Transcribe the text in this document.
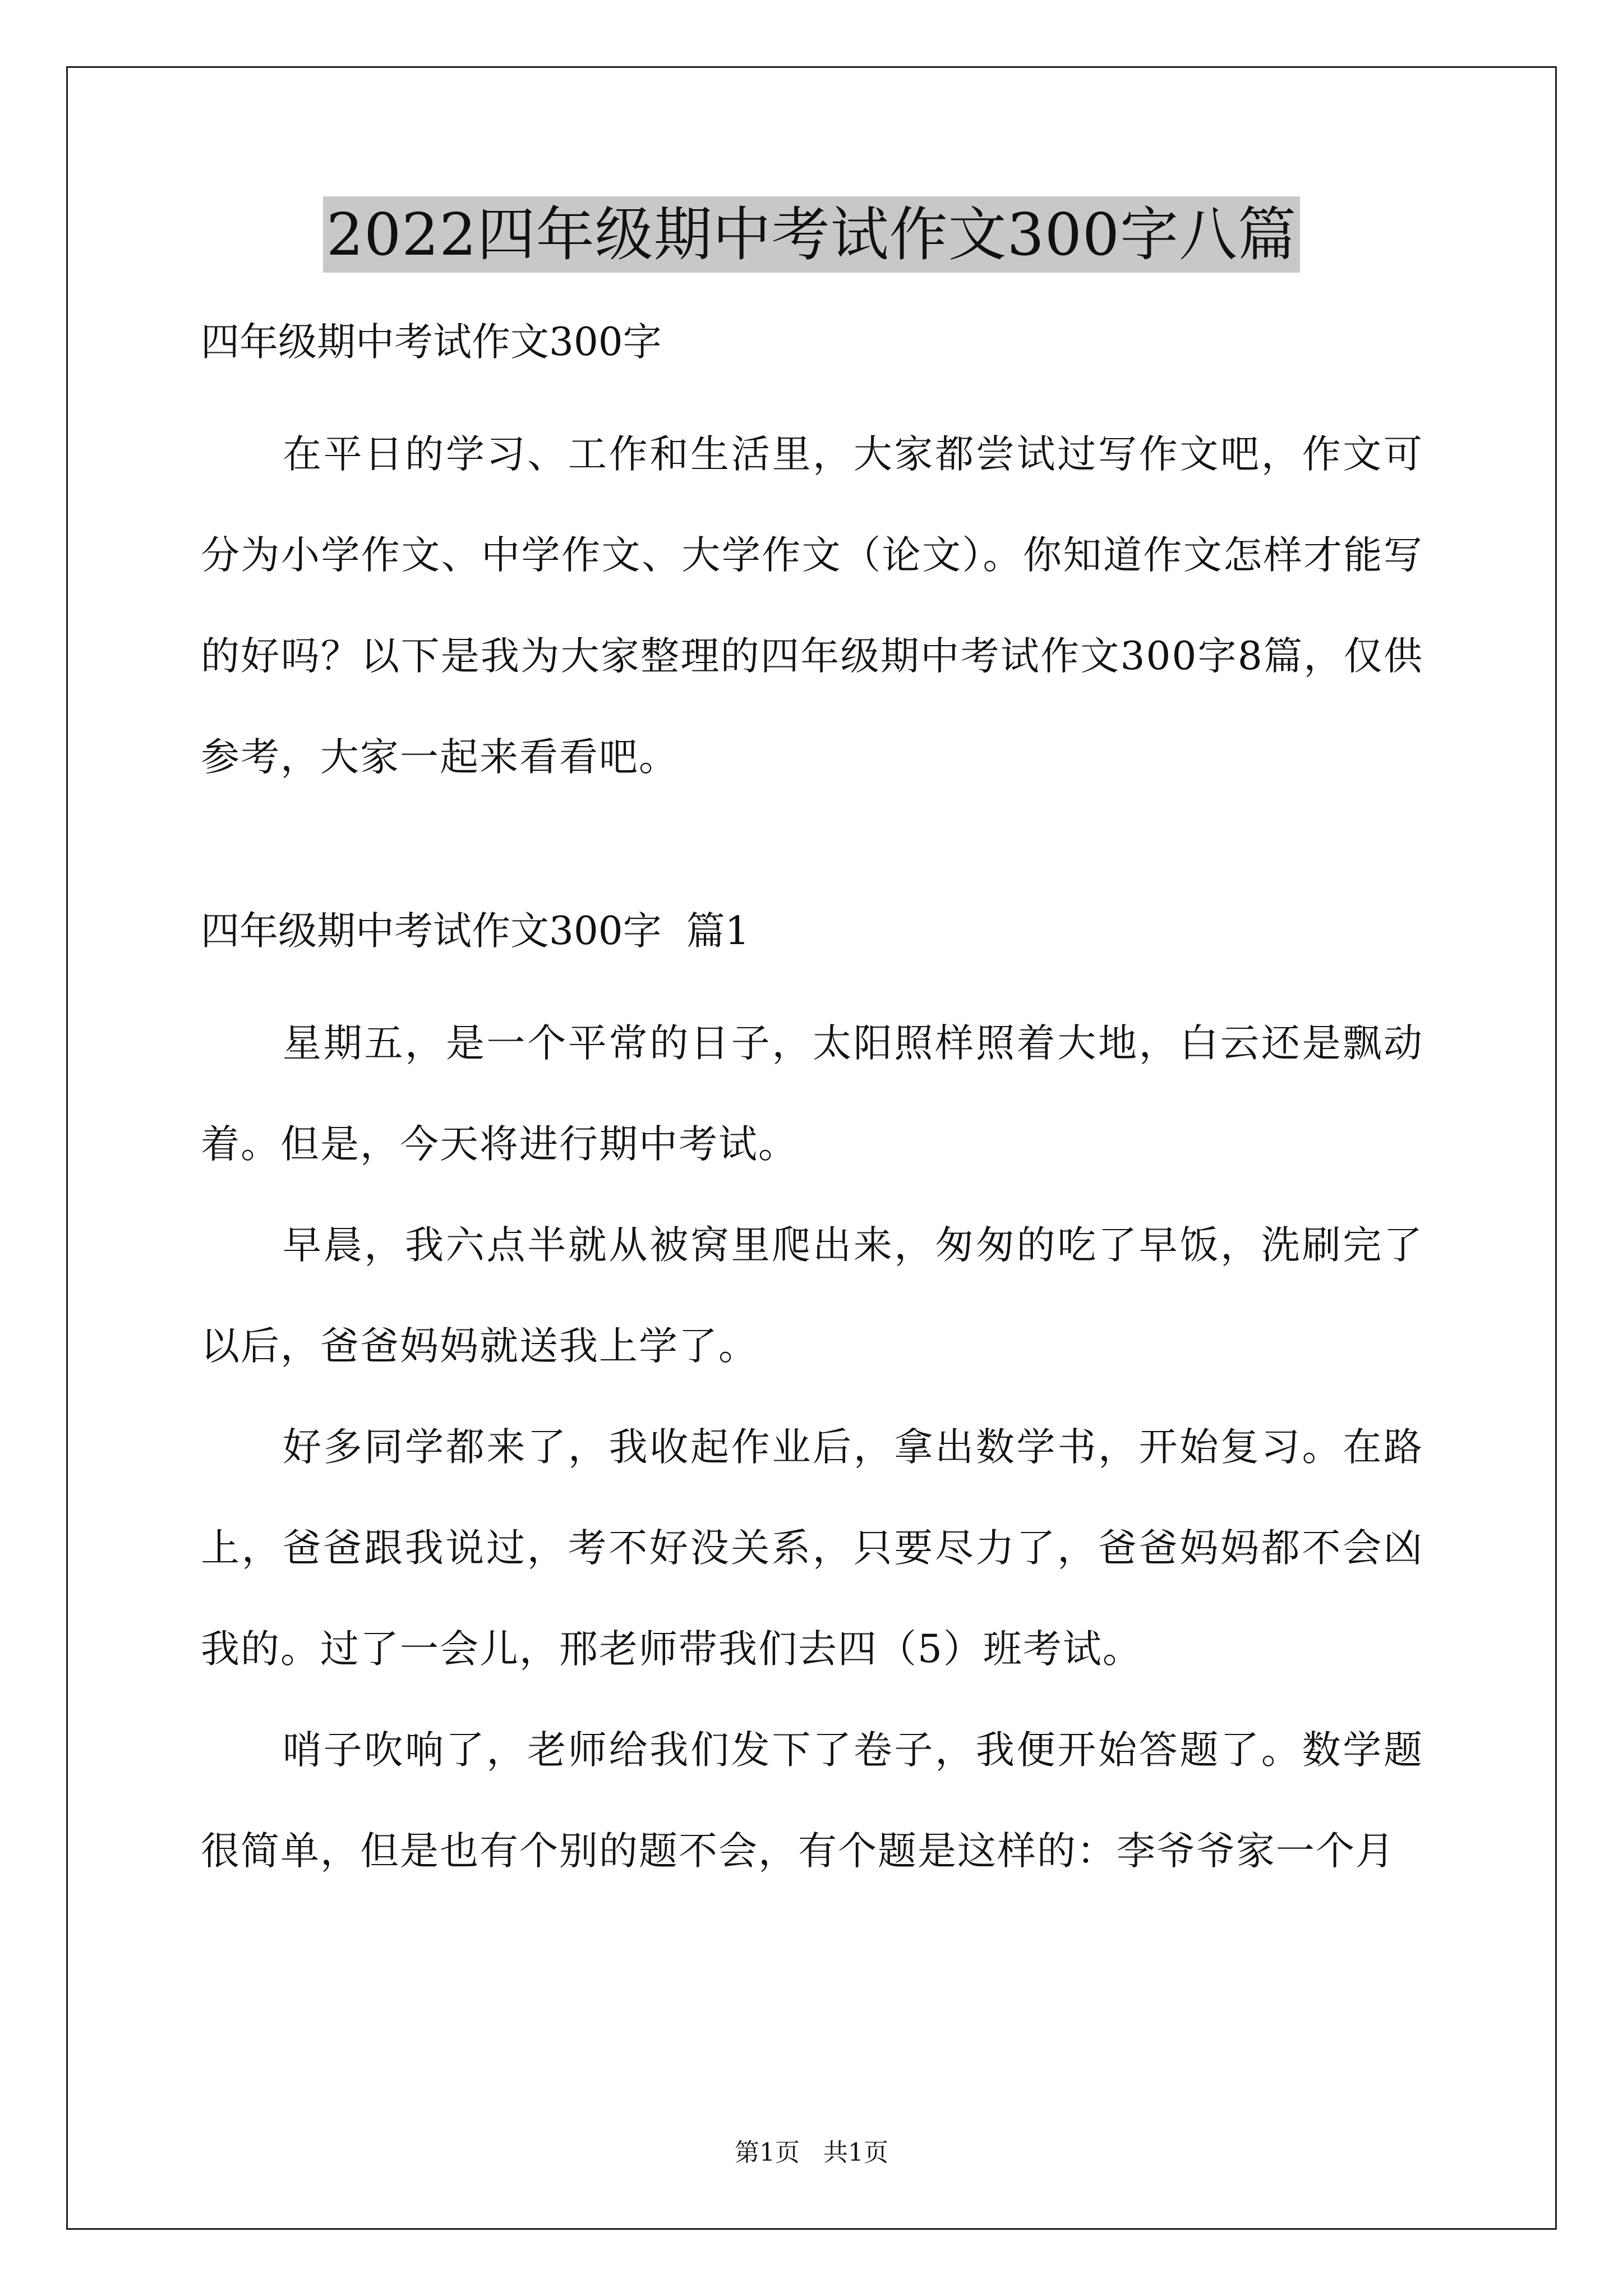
2022四年级期中考试作文300字八篇
四年级期中考试作文300字

在平日的学习、工作和生活里，大家都尝试过写作文吧，作文可分为小学作文、中学作文、大学作文（论文）。你知道作文怎样才能写的好吗？以下是我为大家整理的四年级期中考试作文300字8篇，仅供参考，大家一起来看看吧。

四年级期中考试作文300字  篇1

星期五，是一个平常的日子，太阳照样照着大地，白云还是飘动着。但是，今天将进行期中考试。

早晨，我六点半就从被窝里爬出来，匆匆的吃了早饭，洗刷完了以后，爸爸妈妈就送我上学了。

好多同学都来了，我收起作业后，拿出数学书，开始复习。在路上，爸爸跟我说过，考不好没关系，只要尽力了，爸爸妈妈都不会凶我的。过了一会儿，邢老师带我们去四（5）班考试。

哨子吹响了，老师给我们发下了卷子，我便开始答题了。数学题很简单，但是也有个别的题不会，有个题是这样的：李爷爷家一个月

第1页   共1页
